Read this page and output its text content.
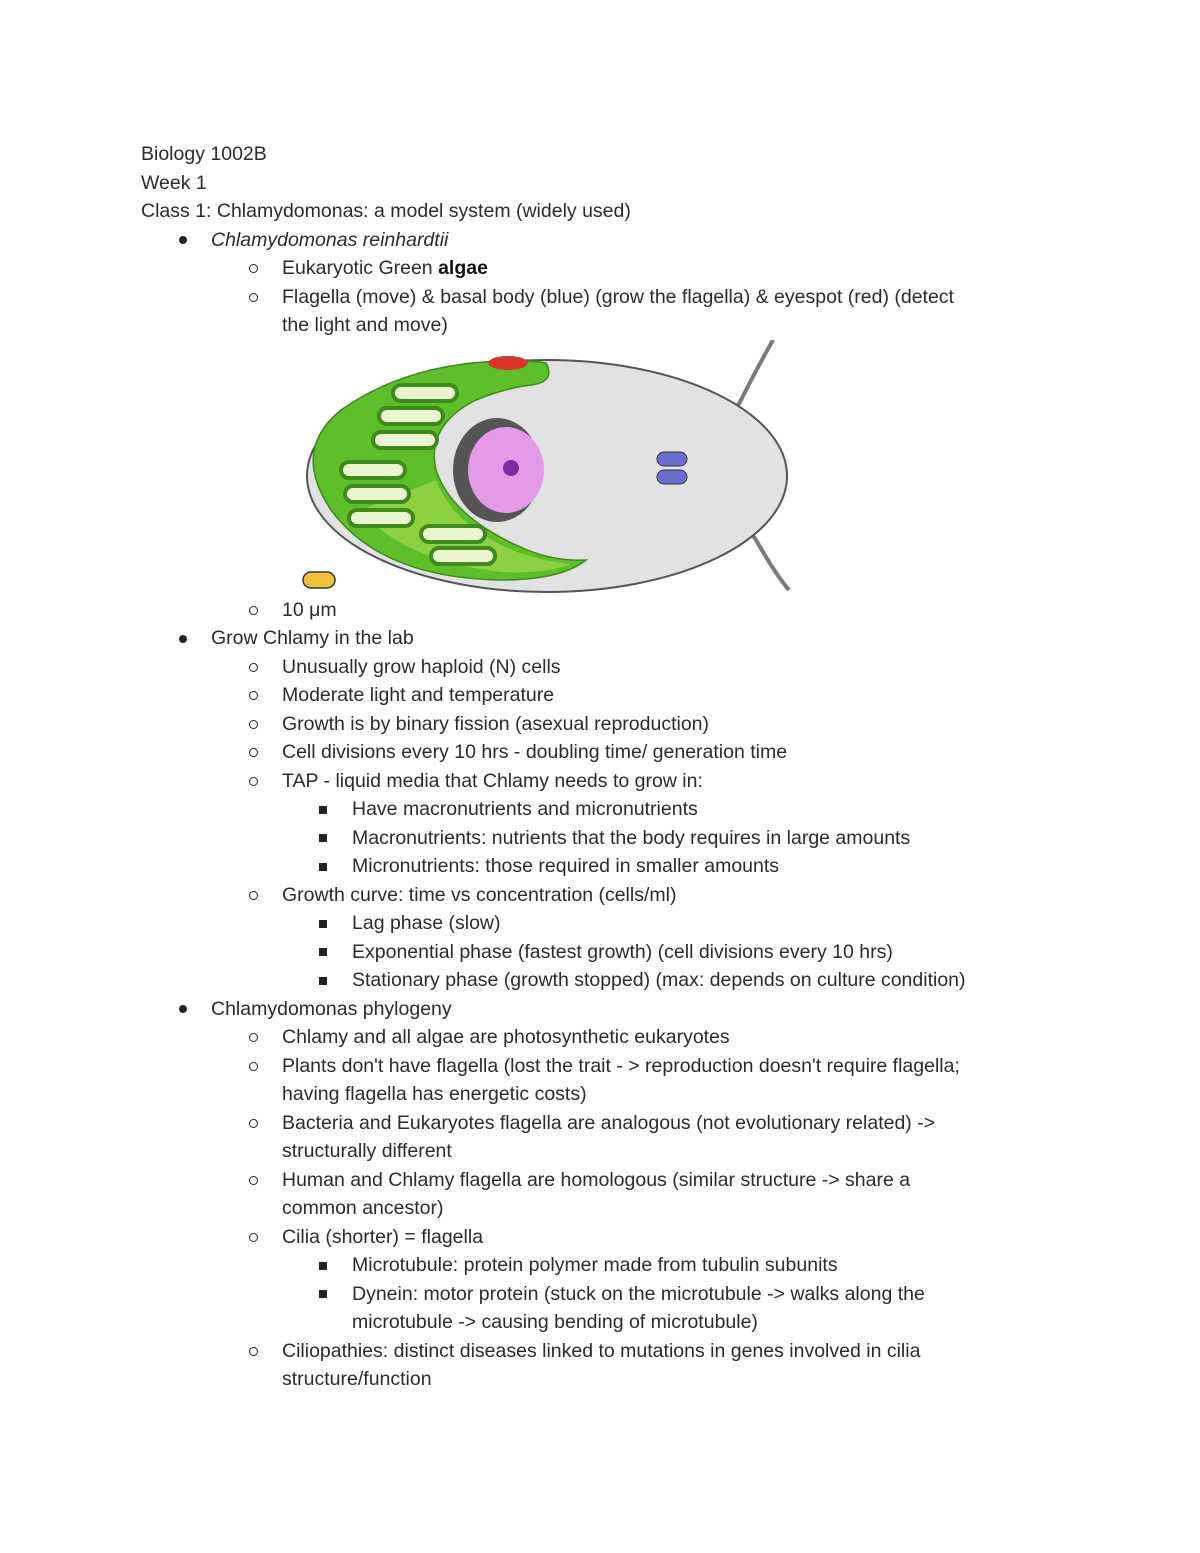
Biology 1002B
Week 1
Class 1: Chlamydomonas: a model system (widely used)
Chlamydomonas reinhardtii
Eukaryotic Green algae
Flagella (move) & basal body (blue) (grow the flagella) & eyespot (red) (detect
the light and move)
10 μm
Grow Chlamy in the lab
Unusually grow haploid (N) cells
Moderate light and temperature
Growth is by binary fission (asexual reproduction)
Cell divisions every 10 hrs - doubling time/ generation time
TAP - liquid media that Chlamy needs to grow in:
Have macronutrients and micronutrients
Macronutrients: nutrients that the body requires in large amounts
Micronutrients: those required in smaller amounts
Growth curve: time vs concentration (cells/ml)
Lag phase (slow)
Exponential phase (fastest growth) (cell divisions every 10 hrs)
Stationary phase (growth stopped) (max: depends on culture condition)
Chlamydomonas phylogeny
Chlamy and all algae are photosynthetic eukaryotes
Plants don't have flagella (lost the trait - > reproduction doesn't require flagella;
having flagella has energetic costs)
Bacteria and Eukaryotes flagella are analogous (not evolutionary related) ->
structurally different
Human and Chlamy flagella are homologous (similar structure -> share a
common ancestor)
Cilia (shorter) = flagella
Microtubule: protein polymer made from tubulin subunits
Dynein: motor protein (stuck on the microtubule -> walks along the
microtubule -> causing bending of microtubule)
Ciliopathies: distinct diseases linked to mutations in genes involved in cilia
structure/function
